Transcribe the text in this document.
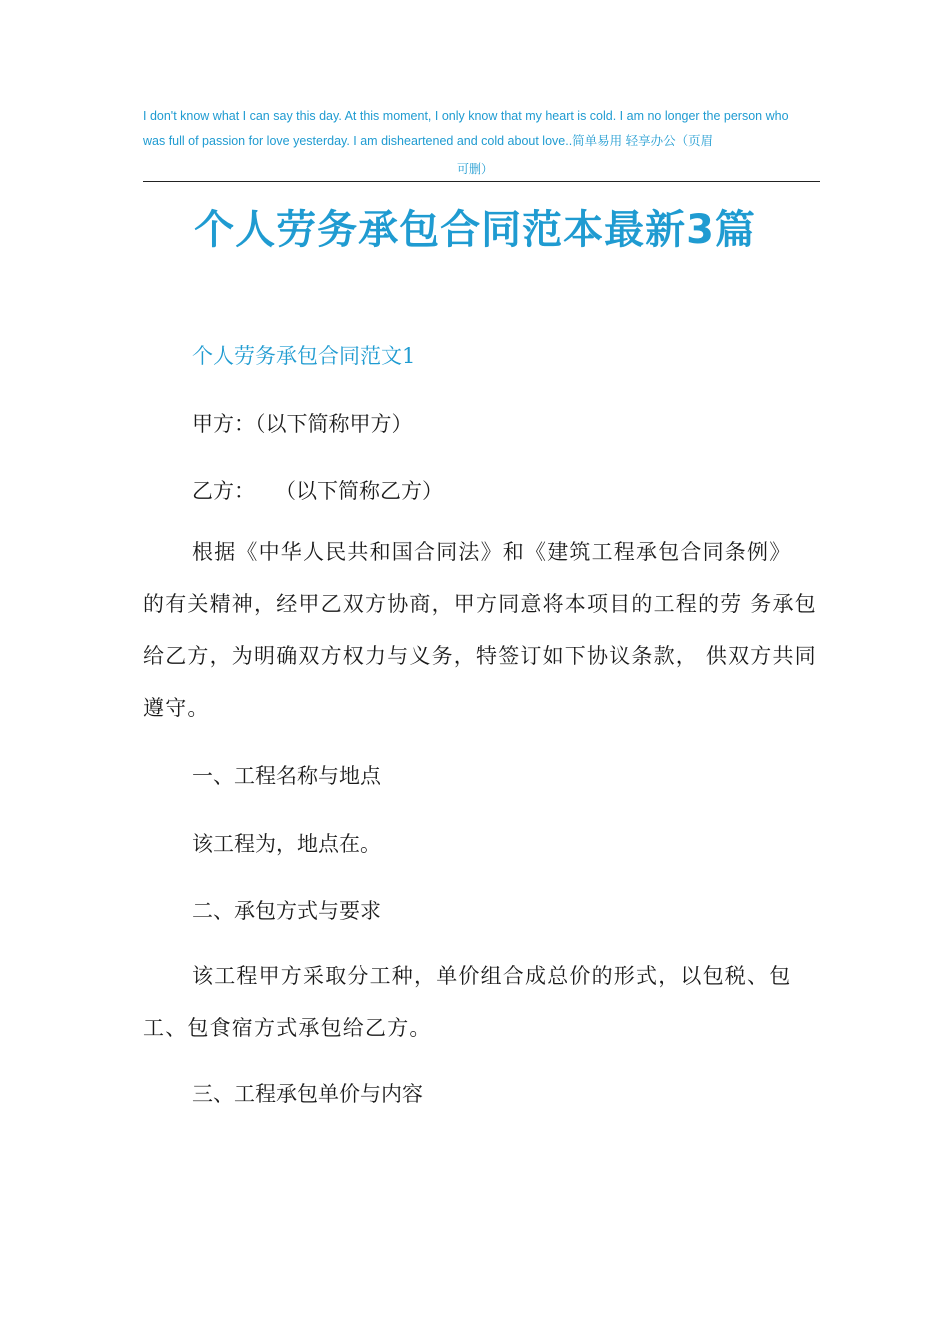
I don't know what I can say this day. At this moment, I only know that my heart is cold. I am no longer the person who was full of passion for love yesterday. I am disheartened and cold about love..简单易用 轻享办公（页眉
可删）
个人劳务承包合同范本最新3篇
个人劳务承包合同范文1
甲方：（以下简称甲方）
乙方：   （以下简称乙方）
根据《中华人民共和国合同法》和《建筑工程承包合同条例》 的有关精神，经甲乙双方协商，甲方同意将本项目的工程的劳 务承包给乙方，为明确双方权力与义务，特签订如下协议条款， 供双方共同遵守。
一、工程名称与地点
该工程为，地点在。
二、承包方式与要求
该工程甲方采取分工种，单价组合成总价的形式，以包税、包工、包食宿方式承包给乙方。
三、工程承包单价与内容
